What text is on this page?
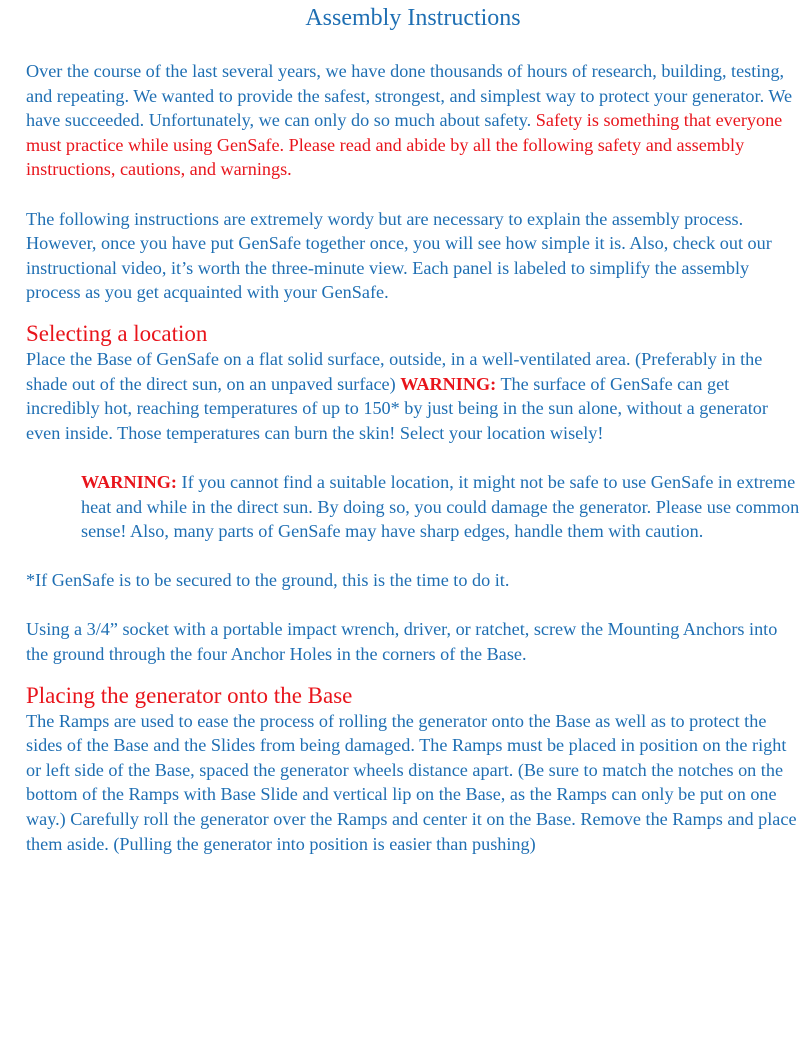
Assembly Instructions

Over the course of the last several years, we have done thousands of hours of research, building, testing, and repeating. We wanted to provide the safest, strongest, and simplest way to protect your generator. We have succeeded. Unfortunately, we can only do so much about safety. Safety is something that everyone must practice while using GenSafe. Please read and abide by all the following safety and assembly instructions, cautions, and warnings.

The following instructions are extremely wordy but are necessary to explain the assembly process. However, once you have put GenSafe together once, you will see how simple it is. Also, check out our instructional video, it’s worth the three-minute view. Each panel is labeled to simplify the assembly process as you get acquainted with your GenSafe.

Selecting a location

Place the Base of GenSafe on a flat solid surface, outside, in a well-ventilated area. (Preferably in the shade out of the direct sun, on an unpaved surface) WARNING: The surface of GenSafe can get incredibly hot, reaching temperatures of up to 150* by just being in the sun alone, without a generator even inside. Those temperatures can burn the skin! Select your location wisely!

WARNING: If you cannot find a suitable location, it might not be safe to use GenSafe in extreme heat and while in the direct sun. By doing so, you could damage the generator. Please use common sense! Also, many parts of GenSafe may have sharp edges, handle them with caution.

*If GenSafe is to be secured to the ground, this is the time to do it.

Using a 3/4” socket with a portable impact wrench, driver, or ratchet, screw the Mounting Anchors into the ground through the four Anchor Holes in the corners of the Base.

Placing the generator onto the Base

The Ramps are used to ease the process of rolling the generator onto the Base as well as to protect the sides of the Base and the Slides from being damaged. The Ramps must be placed in position on the right or left side of the Base, spaced the generator wheels distance apart. (Be sure to match the notches on the bottom of the Ramps with Base Slide and vertical lip on the Base, as the Ramps can only be put on one way.) Carefully roll the generator over the Ramps and center it on the Base. Remove the Ramps and place them aside. (Pulling the generator into position is easier than pushing)
